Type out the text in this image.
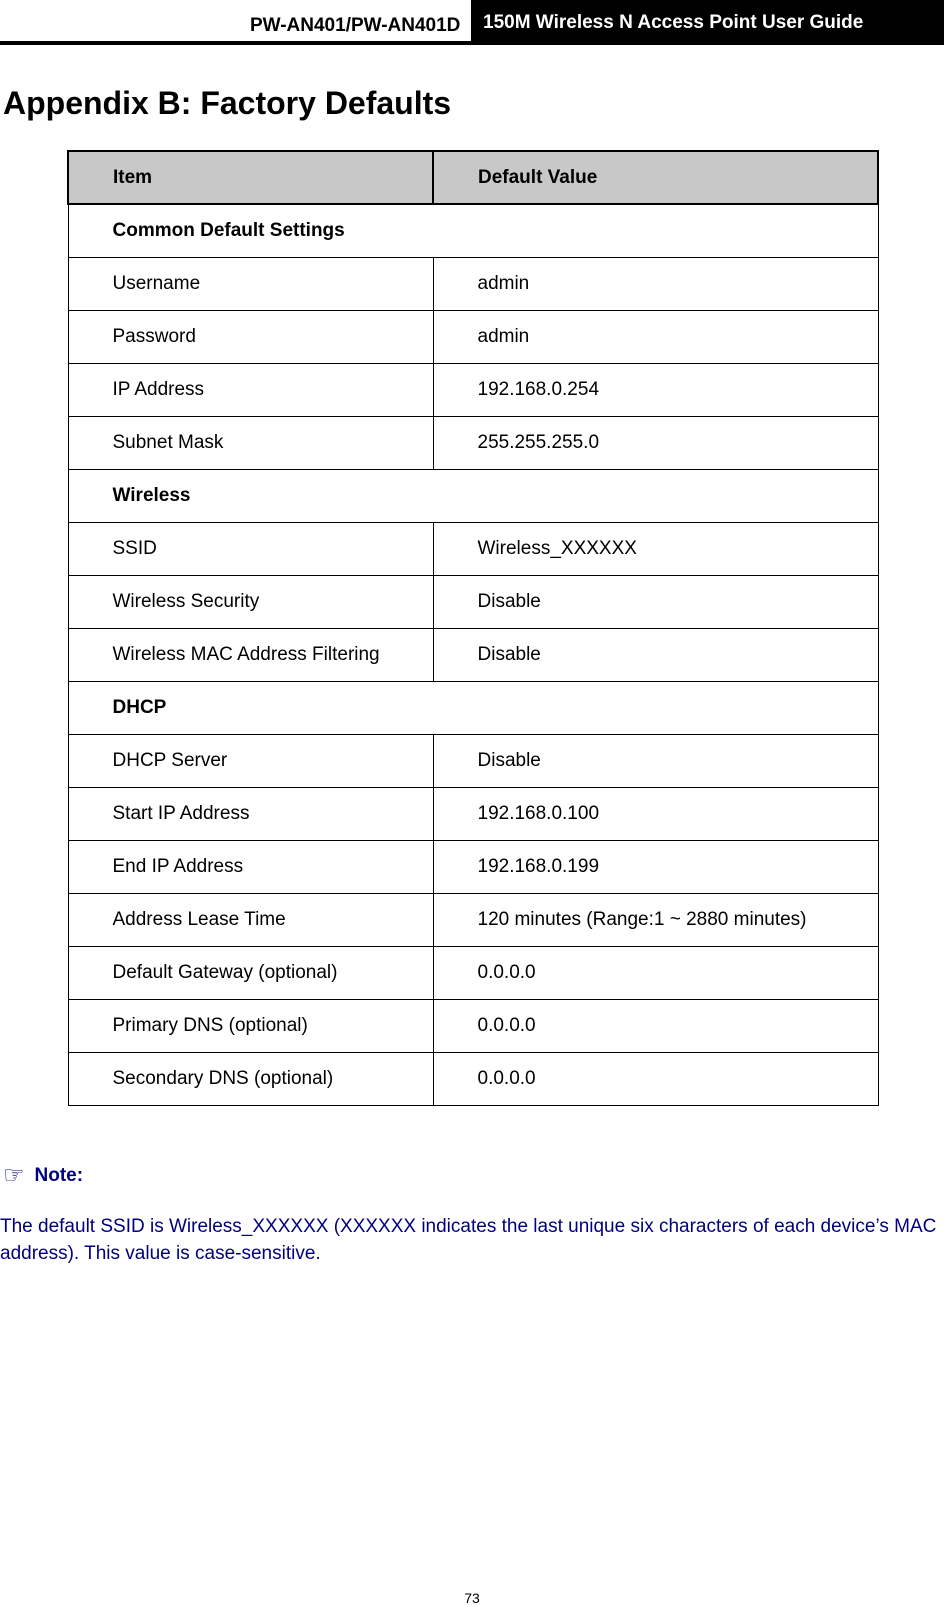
PW-AN401/PW-AN401D	150M Wireless N Access Point User Guide
Appendix B: Factory Defaults
Item	Default Value
Common Default Settings	
Username	admin
Password	admin
IP Address	192.168.0.254
Subnet Mask	255.255.255.0
Wireless	
SSID	Wireless_XXXXXX
Wireless Security	Disable
Wireless MAC Address Filtering	Disable
DHCP	
DHCP Server	Disable
Start IP Address	192.168.0.100
End IP Address	192.168.0.199
Address Lease Time	120 minutes (Range:1 ~ 2880 minutes)
Default Gateway (optional)	0.0.0.0
Primary DNS (optional)	0.0.0.0
Secondary DNS (optional)	0.0.0.0
☞ Note:

The default SSID is Wireless_XXXXXX (XXXXXX indicates the last unique six characters of each device’s MAC address). This value is case-sensitive.

73
